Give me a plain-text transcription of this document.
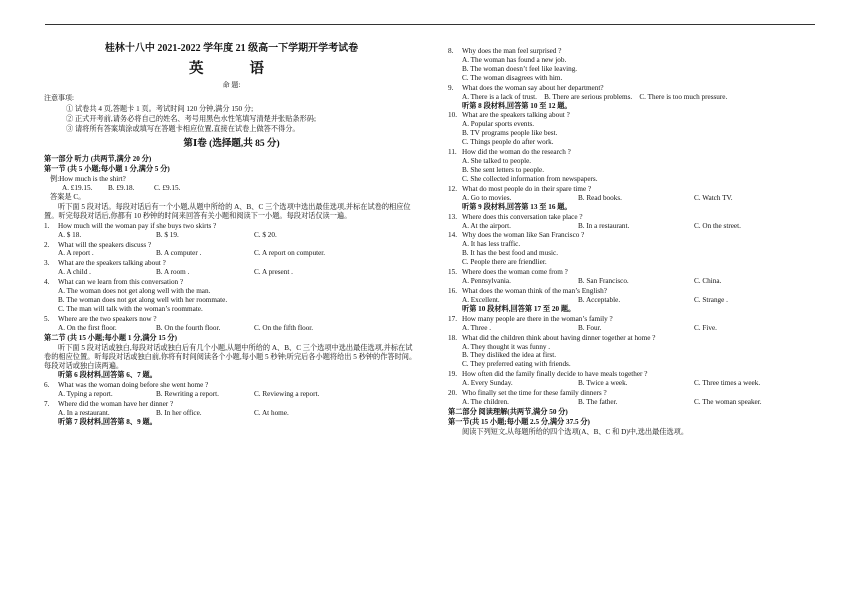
桂林十八中 2021-2022 学年度 21 级高一下学期开学考试卷
英语
命 题:
注意事项:
① 试卷共 4 页,答题卡 1 页。考试时间 120 分钟,满分 150 分;
② 正式开考前,请务必将自己的姓名、考号用黑色水性笔填写清楚并张贴条形码;
③ 请将所有答案填涂或填写在答题卡相应位置,直接在试卷上做答不得分。
第Ⅰ卷 (选择题,共 85 分)
第一部分 听力 (共两节,满分 20 分)
第一节 (共 5 小题;每小题 1 分,满分 5 分)
例:How much is the shirt?
A. £19.15.	B. £9.18.	C. £9.15.
答案是 C。
听下面 5 段对话。每段对话后有一个小题,从题中所给的 A、B、C 三个选项中选出最佳选项,并标在试卷的相应位置。听完每段对话后,你都有 10 秒钟的时间来回答有关小题和阅读下一小题。每段对话仅读一遍。
1.	How much will the woman pay if she buys two skirts ?
A. $ 18.	B. $ 19.	C. $ 20.
2.	What will the speakers discuss ?
A. A report .	B. A computer .	C. A report on computer.
3.	What are the speakers talking about ?
A. A child .	B. A room .	C. A present .
4.	What can we learn from this conversation ?
A. The woman does not get along well with the man.
B. The woman does not get along well with her roommate.
C. The man will talk with the woman’s roommate.
5.	Where are the two speakers now ?
A. On the first floor.	B. On the fourth floor.	C. On the fifth floor.
第二节 (共 15 小题;每小题 1 分,满分 15 分)
听下面 5 段对话或独白,每段对话或独白后有几个小题,从题中所给的 A、B、C 三个选项中选出最佳选项,并标在试卷的相应位置。听每段对话或独白前,你将有时间阅读各个小题,每小题 5 秒钟;听完后各小题将给出 5 秒钟的作答时间。每段对话或独白读两遍。
听第 6 段材料,回答第 6、7 题。
6.	What was the woman doing before she went home ?
A. Typing a report.	B. Rewriting a report.	C. Reviewing a report.
7.	Where did the woman have her dinner ?
A. In a restaurant.	B. In her office.	C. At home.
听第 7 段材料,回答第 8、9 题。
8.	Why does the man feel surprised ?
A. The woman has found a new job.
B. The woman doesn’t feel like leaving.
C. The woman disagrees with him.
9.	What does the woman say about her department?
A. There is a lack of trust.    B. There are serious problems.    C. There is too much pressure.
听第 8 段材料,回答第 10 至 12 题。
10. What are the speakers talking about ?
A. Popular sports events.
B. TV programs people like best.
C. Things people do after work.
11. How did the woman do the research ?
A. She talked to people.
B. She sent letters to people.
C. She collected information from newspapers.
12. What do most people do in their spare time ?
A. Go to movies.	B. Read books.	C. Watch TV.
听第 9 段材料,回答第 13 至 16 题。
13. Where does this conversation take place ?
A. At the airport.	B. In a restaurant.	C. On the street.
14. Why does the woman like San Francisco ?
A. It has less traffic.
B. It has the best food and music.
C. People there are friendlier.
15. Where does the woman come from ?
A. Pennsylvania.	B. San Francisco.	C. China.
16. What does the woman think of the man’s English?
A. Excellent.	B. Acceptable.	C. Strange .
听第 10 段材料,回答第 17 至 20 题。
17. How many people are there in the woman’s family ?
A. Three .	B. Four.	C. Five.
18. What did the children think about having dinner together at home ?
A. They thought it was funny .
B. They disliked the idea at first.
C. They preferred eating with friends.
19. How often did the family finally decide to have meals together ?
A. Every Sunday.	B. Twice a week.	C. Three times a week.
20. Who finally set the time for these family dinners ?
A. The children.	B. The father.	C. The woman speaker.
第二部分 阅读理解(共两节,满分 50 分)
第一节(共 15 小题;每小题 2.5 分,满分 37.5 分)
阅读下列短文,从每题所给的四个选项(A、B、C 和 D)中,选出最佳选项。
